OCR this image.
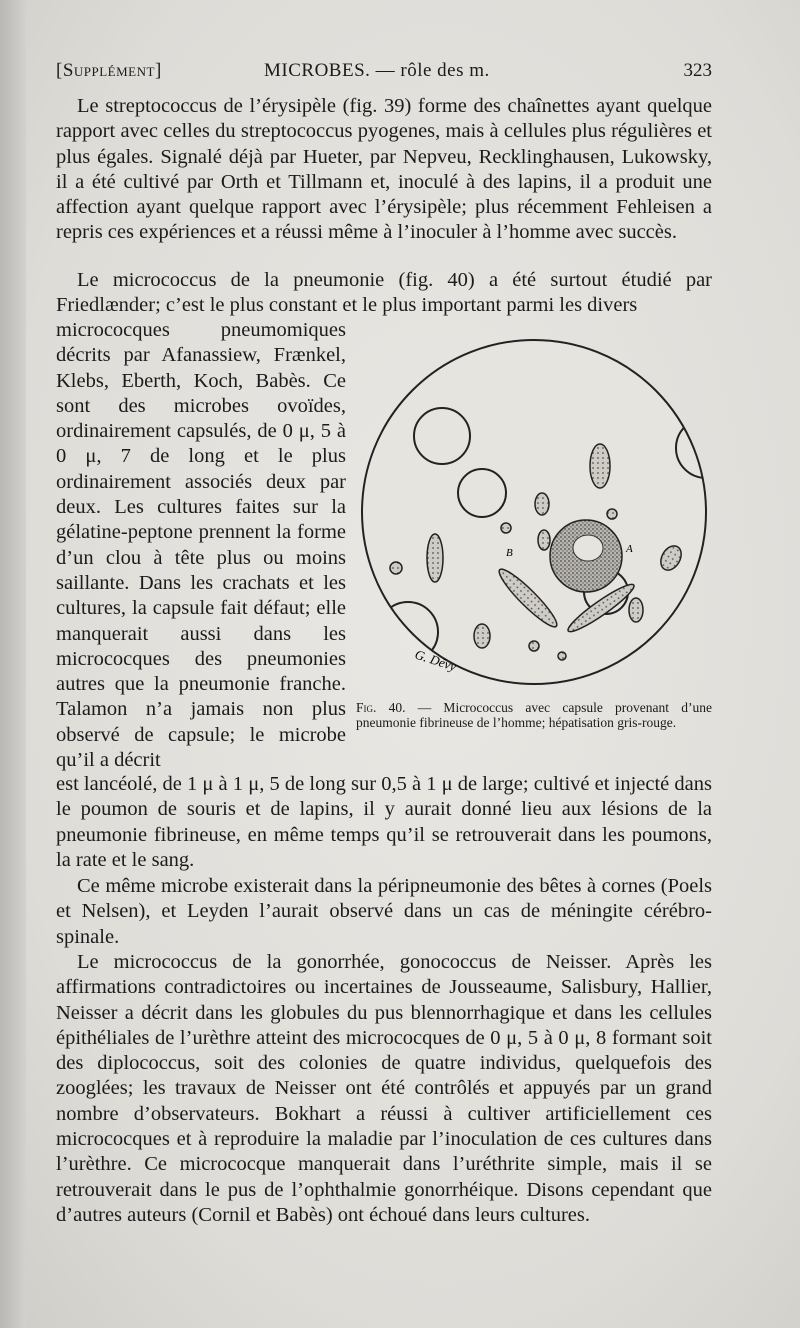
[Supplément]	MICROBES. — rôle des m.	323

Le streptococcus de l’érysipèle (fig. 39) forme des chaînettes ayant quelque rapport avec celles du streptococcus pyogenes, mais à cellules plus régulières et plus égales. Signalé déjà par Hueter, par Nepveu, Recklinghausen, Lukowsky, il a été cultivé par Orth et Tillmann et, inoculé à des lapins, il a produit une affection ayant quelque rapport avec l’érysipèle; plus récemment Fehleisen a repris ces expériences et a réussi même à l’inoculer à l’homme avec succès.

Le micrococcus de la pneumonie (fig. 40) a été surtout étudié par Friedlænder; c’est le plus constant et le plus important parmi les divers

micrococques pneumomiques décrits par Afanassiew, Frænkel, Klebs, Eberth, Koch, Babès. Ce sont des microbes ovoïdes, ordinairement capsulés, de 0 μ, 5 à 0 μ, 7 de long et le plus ordinairement associés deux par deux. Les cultures faites sur la gélatine-peptone prennent la forme d’un clou à tête plus ou moins saillante. Dans les crachats et les cultures, la capsule fait défaut; elle manquerait aussi dans les micrococques des pneumonies autres que la pneumonie franche. Talamon n’a jamais non plus observé de capsule; le microbe qu’il a décrit

A
B
G. Dévy
Fig. 40. — Micrococcus avec capsule provenant d’une pneumonie fibrineuse de l’homme; hépatisation gris-rouge.

est lancéolé, de 1 μ à 1 μ, 5 de long sur 0,5 à 1 μ de large; cultivé et injecté dans le poumon de souris et de lapins, il y aurait donné lieu aux lésions de la pneumonie fibrineuse, en même temps qu’il se retrouverait dans les poumons, la rate et le sang.

Ce même microbe existerait dans la péripneumonie des bêtes à cornes (Poels et Nelsen), et Leyden l’aurait observé dans un cas de méningite cérébro-spinale.

Le micrococcus de la gonorrhée, gonococcus de Neisser. Après les affirmations contradictoires ou incertaines de Jousseaume, Salisbury, Hallier, Neisser a décrit dans les globules du pus blennorrhagique et dans les cellules épithéliales de l’urèthre atteint des micrococques de 0 μ, 5 à 0 μ, 8 formant soit des diplococcus, soit des colonies de quatre individus, quelquefois des zooglées; les travaux de Neisser ont été contrôlés et appuyés par un grand nombre d’observateurs. Bokhart a réussi à cultiver artificiellement ces micrococques et à reproduire la maladie par l’inoculation de ces cultures dans l’urèthre. Ce micrococque manquerait dans l’uréthrite simple, mais il se retrouverait dans le pus de l’ophthalmie gonorrhéique. Disons cependant que d’autres auteurs (Cornil et Babès) ont échoué dans leurs cultures.
